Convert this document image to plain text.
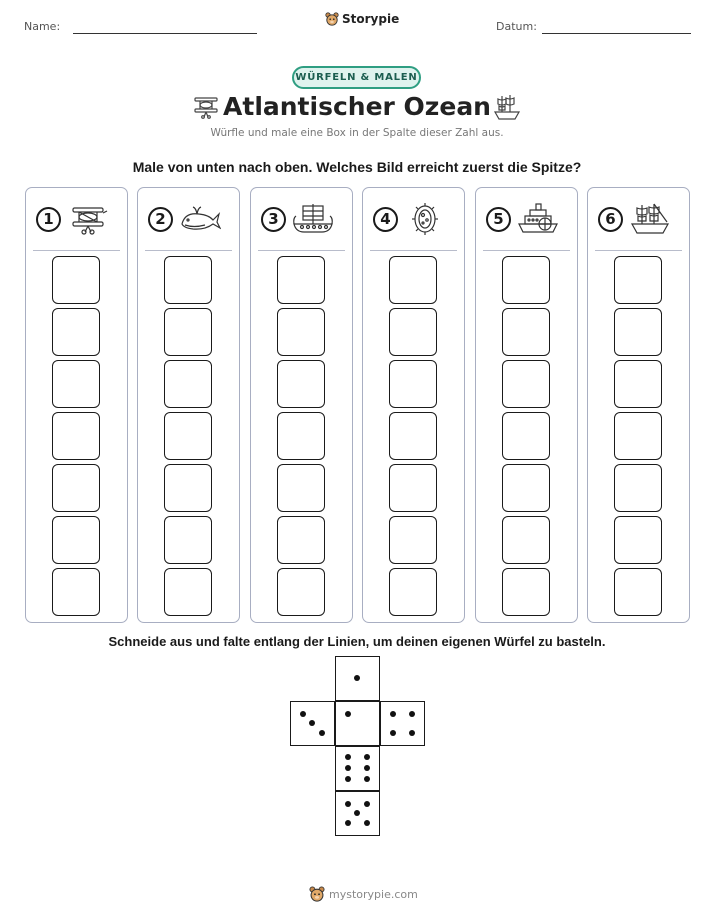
Name:
Storypie
Datum:
WÜRFELN & MALEN
Atlantischer Ozean
Würfle und male eine Box in der Spalte dieser Zahl aus.
Male von unten nach oben. Welches Bild erreicht zuerst die Spitze?
1	2	3	4	5	6
Schneide aus und falte entlang der Linien, um deinen eigenen Würfel zu basteln.
mystorypie.com
